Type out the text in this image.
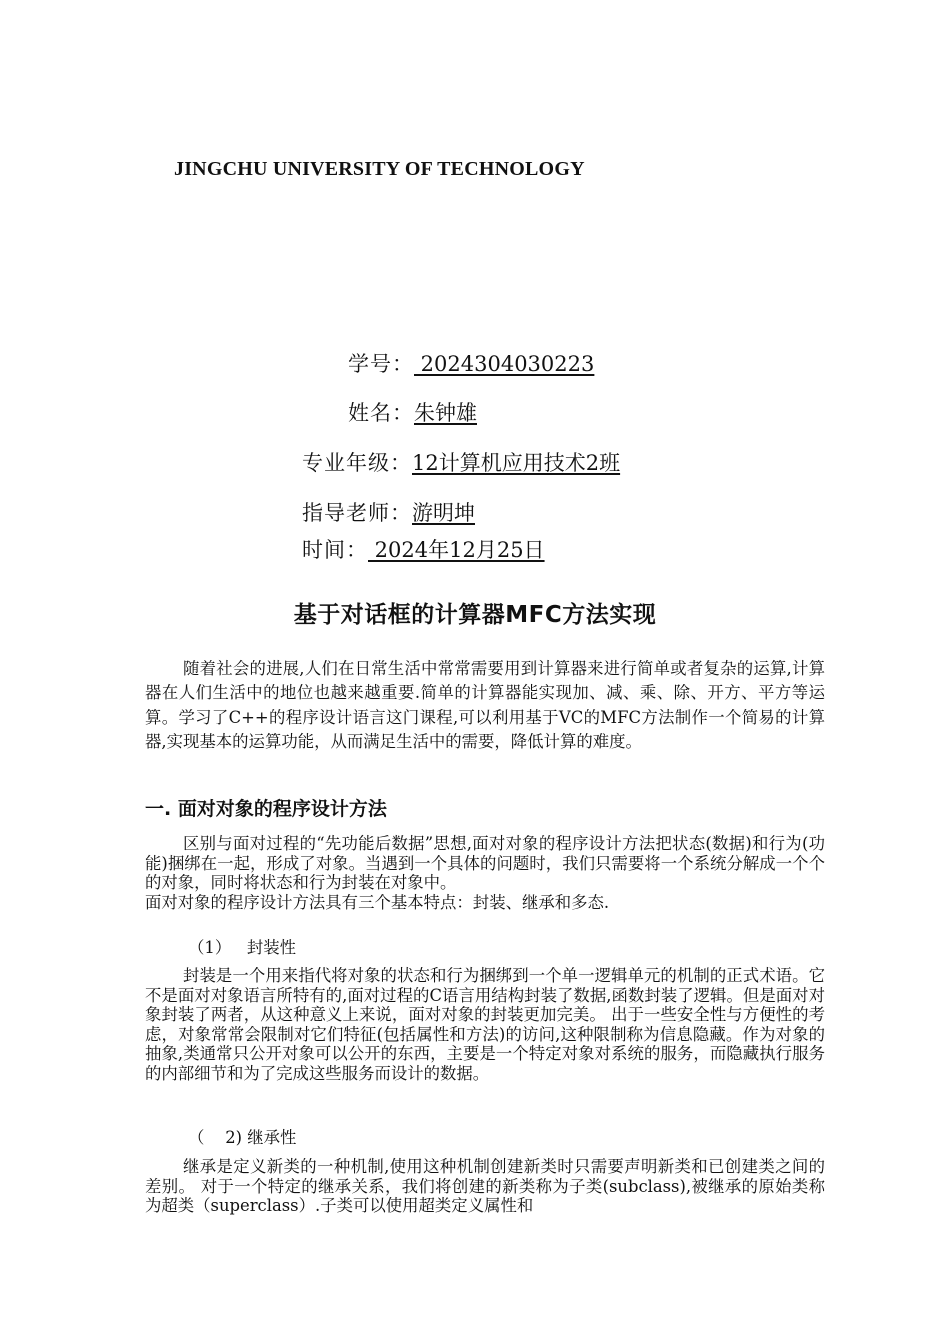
JINGCHU UNIVERSITY OF TECHNOLOGY
学号： 2024304030223
姓名：朱钟雄
专业年级：12计算机应用技术2班
指导老师：游明坤
时间： 2024年12月25日
基于对话框的计算器MFC方法实现

随着社会的进展,人们在日常生活中常常需要用到计算器来进行简单或者复杂的运算,计算器在人们生活中的地位也越来越重要.简单的计算器能实现加、减、乘、除、开方、平方等运算。学习了C++的程序设计语言这门课程,可以利用基于VC的MFC方法制作一个简易的计算器,实现基本的运算功能，从而满足生活中的需要，降低计算的难度。

一. 面对对象的程序设计方法

区别与面对过程的“先功能后数据”思想,面对对象的程序设计方法把状态(数据)和行为(功能)捆绑在一起，形成了对象。当遇到一个具体的问题时，我们只需要将一个系统分解成一个个的对象，同时将状态和行为封装在对象中。

面对对象的程序设计方法具有三个基本特点：封装、继承和多态.

（1）   封装性

封装是一个用来指代将对象的状态和行为捆绑到一个单一逻辑单元的机制的正式术语。它不是面对对象语言所特有的,面对过程的C语言用结构封装了数据,函数封装了逻辑。但是面对对象封装了两者，从这种意义上来说，面对对象的封装更加完美。 出于一些安全性与方便性的考虑，对象常常会限制对它们特征(包括属性和方法)的访问,这种限制称为信息隐藏。作为对象的抽象,类通常只公开对象可以公开的东西，主要是一个特定对象对系统的服务，而隐藏执行服务的内部细节和为了完成这些服务而设计的数据。

（    2) 继承性

继承是定义新类的一种机制,使用这种机制创建新类时只需要声明新类和已创建类之间的差别。 对于一个特定的继承关系，我们将创建的新类称为子类(subclass),被继承的原始类称为超类（superclass）.子类可以使用超类定义属性和
